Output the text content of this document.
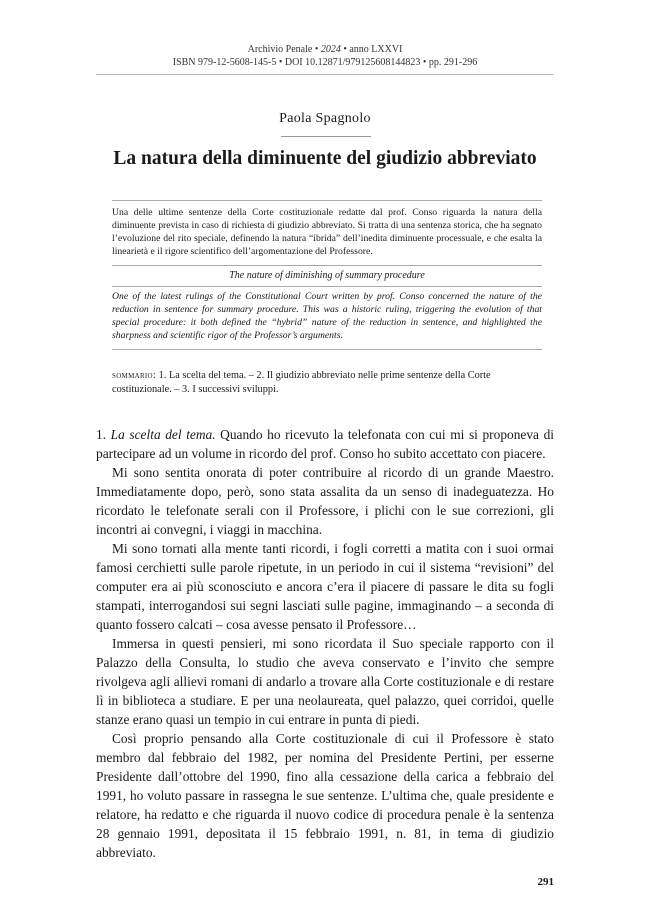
Archivio Penale • 2024 • anno LXXVI
ISBN 979-12-5608-145-5 • DOI 10.12871/97912560814482​3 • pp. 291-296
Paola Spagnolo
La natura della diminuente del giudizio abbreviato
Una delle ultime sentenze della Corte costituzionale redatte dal prof. Conso riguarda la natura della diminuente prevista in caso di richiesta di giudizio abbreviato. Si tratta di una sentenza storica, che ha segnato l’evoluzione del rito speciale, definendo la natura “ibrida” dell’inedita diminuente processuale, e che esalta la linearietà e il rigore scientifico dell’argomentazione del Professore.
The nature of diminishing of summary procedure
One of the latest rulings of the Constitutional Court written by prof. Conso concerned the nature of the reduction in sentence for summary procedure. This was a historic ruling, triggering the evolution of that special procedure: it both defined the “hybrid” nature of the reduction in sentence, and highlighted the sharpness and scientific rigor of the Professor’s arguments.
sommario: 1. La scelta del tema. – 2. Il giudizio abbreviato nelle prime sentenze della Corte costituzionale. – 3. I successivi sviluppi.

1. La scelta del tema. Quando ho ricevuto la telefonata con cui mi si proponeva di partecipare ad un volume in ricordo del prof. Conso ho subito accettato con piacere.

Mi sono sentita onorata di poter contribuire al ricordo di un grande Maestro. Immediatamente dopo, però, sono stata assalita da un senso di inadeguatezza. Ho ricordato le telefonate serali con il Professore, i plichi con le sue correzioni, gli incontri ai convegni, i viaggi in macchina.

Mi sono tornati alla mente tanti ricordi, i fogli corretti a matita con i suoi ormai famosi cerchietti sulle parole ripetute, in un periodo in cui il sistema “revisioni” del computer era ai più sconosciuto e ancora c’era il piacere di passare le dita su fogli stampati, interrogandosi sui segni lasciati sulle pagine, immaginando – a seconda di quanto fossero calcati – cosa avesse pensato il Professore…

Immersa in questi pensieri, mi sono ricordata il Suo speciale rapporto con il Palazzo della Consulta, lo studio che aveva conservato e l’invito che sempre rivolgeva agli allievi romani di andarlo a trovare alla Corte costituzionale e di restare lì in biblioteca a studiare. E per una neolaureata, quel palazzo, quei corridoi, quelle stanze erano quasi un tempio in cui entrare in punta di piedi.

Così proprio pensando alla Corte costituzionale di cui il Professore è stato membro dal febbraio del 1982, per nomina del Presidente Pertini, per esserne Presidente dall’ottobre del 1990, fino alla cessazione della carica a febbraio del 1991, ho voluto passare in rassegna le sue sentenze. L’ultima che, quale presidente e relatore, ha redatto e che riguarda il nuovo codice di procedura penale è la sentenza 28 gennaio 1991, depositata il 15 febbraio 1991, n. 81, in tema di giudizio abbreviato.

291
